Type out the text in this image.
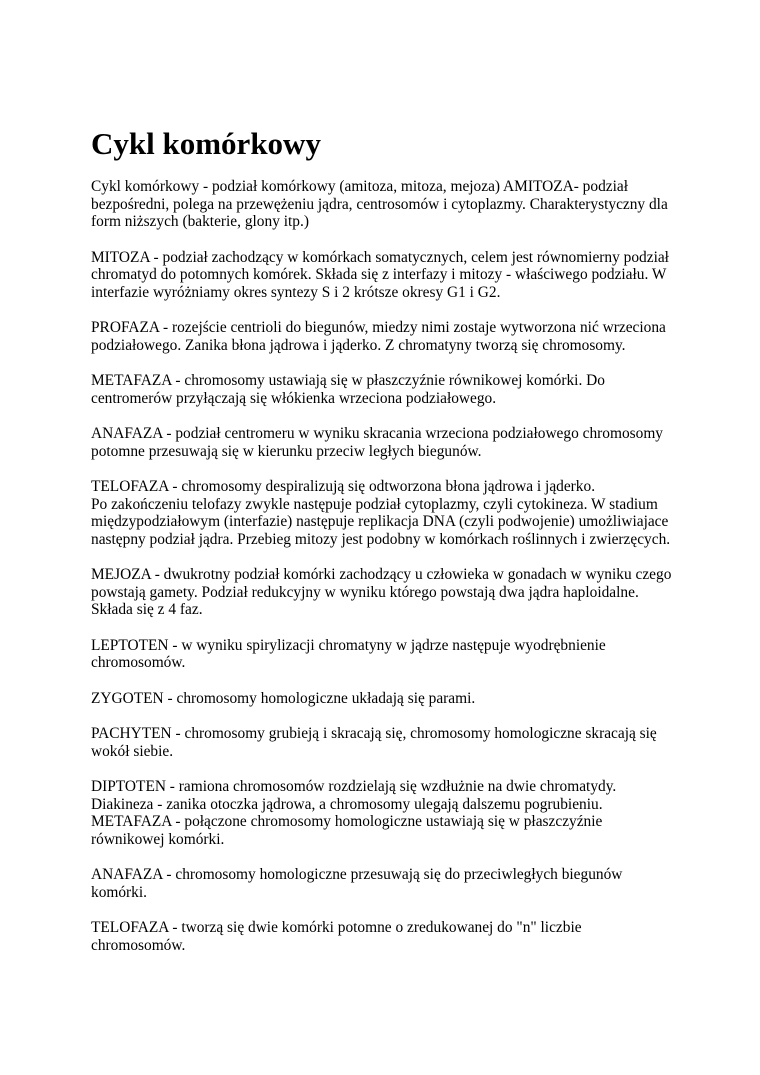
Cykl komórkowy

Cykl komórkowy - podział komórkowy (amitoza, mitoza, mejoza) AMITOZA- podział
bezpośredni, polega na przewężeniu jądra, centrosomów i cytoplazmy. Charakterystyczny dla
form niższych (bakterie, glony itp.)

MITOZA - podział zachodzący w komórkach somatycznych, celem jest równomierny podział
chromatyd do potomnych komórek. Składa się z interfazy i mitozy - właściwego podziału. W
interfazie wyróżniamy okres syntezy S i 2 krótsze okresy G1 i G2.

PROFAZA - rozejście centrioli do biegunów, miedzy nimi zostaje wytworzona nić wrzeciona
podziałowego. Zanika błona jądrowa i jąderko. Z chromatyny tworzą się chromosomy.

METAFAZA - chromosomy ustawiają się w płaszczyźnie równikowej komórki. Do
centromerów przyłączają się włókienka wrzeciona podziałowego.

ANAFAZA - podział centromeru w wyniku skracania wrzeciona podziałowego chromosomy
potomne przesuwają się w kierunku przeciw ległych biegunów.

TELOFAZA - chromosomy despiralizują się odtworzona błona jądrowa i jąderko.
Po zakończeniu telofazy zwykle następuje podział cytoplazmy, czyli cytokineza. W stadium
międzypodziałowym (interfazie) następuje replikacja DNA (czyli podwojenie) umożliwiajace
następny podział jądra. Przebieg mitozy jest podobny w komórkach roślinnych i zwierzęcych.

MEJOZA - dwukrotny podział komórki zachodzący u człowieka w gonadach w wyniku czego
powstają gamety. Podział redukcyjny w wyniku którego powstają dwa jądra haploidalne.
Składa się z 4 faz.

LEPTOTEN - w wyniku spirylizacji chromatyny w jądrze następuje wyodrębnienie
chromosomów.

ZYGOTEN - chromosomy homologiczne układają się parami.

PACHYTEN - chromosomy grubieją i skracają się, chromosomy homologiczne skracają się
wokół siebie.

DIPTOTEN - ramiona chromosomów rozdzielają się wzdłużnie na dwie chromatydy.
Diakineza - zanika otoczka jądrowa, a chromosomy ulegają dalszemu pogrubieniu.
METAFAZA - połączone chromosomy homologiczne ustawiają się w płaszczyźnie
równikowej komórki.

ANAFAZA - chromosomy homologiczne przesuwają się do przeciwległych biegunów
komórki.

TELOFAZA - tworzą się dwie komórki potomne o zredukowanej do "n" liczbie
chromosomów.
